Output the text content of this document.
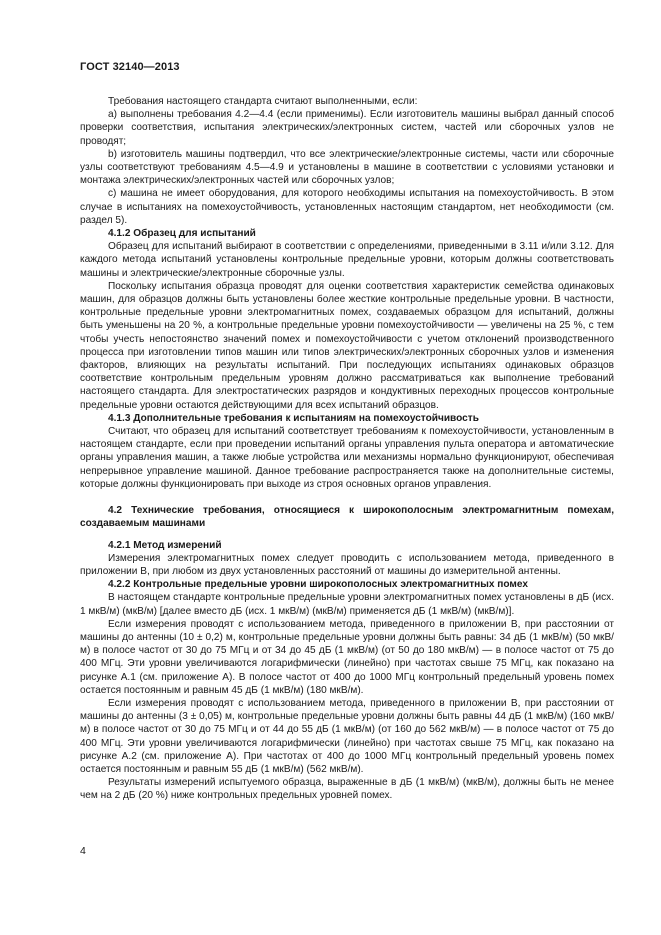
ГОСТ 32140—2013

Требования настоящего стандарта считают выполненными, если:

a) выполнены требования 4.2—4.4 (если применимы). Если изготовитель машины выбрал данный способ проверки соответствия, испытания электрических/электронных систем, частей или сборочных узлов не проводят;

b) изготовитель машины подтвердил, что все электрические/электронные системы, части или сборочные узлы соответствуют требованиям 4.5—4.9 и установлены в машине в соответствии с условиями установки и монтажа электрических/электронных частей или сборочных узлов;

c) машина не имеет оборудования, для которого необходимы испытания на помехоустойчивость. В этом случае в испытаниях на помехоустойчивость, установленных настоящим стандартом, нет необходимости (см. раздел 5).

4.1.2 Образец для испытаний

Образец для испытаний выбирают в соответствии с определениями, приведенными в 3.11 и/или 3.12. Для каждого метода испытаний установлены контрольные предельные уровни, которым должны соответствовать машины и электрические/электронные сборочные узлы.

Поскольку испытания образца проводят для оценки соответствия характеристик семейства одинаковых машин, для образцов должны быть установлены более жесткие контрольные предельные уровни. В частности, контрольные предельные уровни электромагнитных помех, создаваемых образцом для испытаний, должны быть уменьшены на 20 %, а контрольные предельные уровни помехоустойчивости — увеличены на 25 %, с тем чтобы учесть непостоянство значений помех и помехоустойчивости с учетом отклонений производственного процесса при изготовлении типов машин или типов электрических/электронных сборочных узлов и изменения факторов, влияющих на результаты испытаний. При последующих испытаниях одинаковых образцов соответствие контрольным предельным уровням должно рассматриваться как выполнение требований настоящего стандарта. Для электростатических разрядов и кондуктивных переходных процессов контрольные предельные уровни остаются действующими для всех испытаний образцов.

4.1.3 Дополнительные требования к испытаниям на помехоустойчивость

Считают, что образец для испытаний соответствует требованиям к помехоустойчивости, установленным в настоящем стандарте, если при проведении испытаний органы управления пульта оператора и автоматические органы управления машин, а также любые устройства или механизмы нормально функционируют, обеспечивая непрерывное управление машиной. Данное требование распространяется также на дополнительные системы, которые должны функционировать при выходе из строя основных органов управления.

4.2 Технические требования, относящиеся к широкополосным электромагнитным помехам, создаваемым машинами
4.2.1 Метод измерений

Измерения электромагнитных помех следует проводить с использованием метода, приведенного в приложении В, при любом из двух установленных расстояний от машины до измерительной антенны.

4.2.2 Контрольные предельные уровни широкополосных электромагнитных помех

В настоящем стандарте контрольные предельные уровни электромагнитных помех установлены в дБ (исх. 1 мкВ/м) (мкВ/м) [далее вместо дБ (исх. 1 мкВ/м) (мкВ/м) применяется дБ (1 мкВ/м) (мкВ/м)].

Если измерения проводят с использованием метода, приведенного в приложении В, при расстоянии от машины до антенны (10 ± 0,2) м, контрольные предельные уровни должны быть равны: 34 дБ (1 мкВ/м) (50 мкВ/м) в полосе частот от 30 до 75 МГц и от 34 до 45 дБ (1 мкВ/м) (от 50 до 180 мкВ/м) — в полосе частот от 75 до 400 МГц. Эти уровни увеличиваются логарифмически (линейно) при частотах свыше 75 МГц, как показано на рисунке А.1 (см. приложение А). В полосе частот от 400 до 1000 МГц контрольный предельный уровень помех остается постоянным и равным 45 дБ (1 мкВ/м) (180 мкВ/м).

Если измерения проводят с использованием метода, приведенного в приложении В, при расстоянии от машины до антенны (3 ± 0,05) м, контрольные предельные уровни должны быть равны 44 дБ (1 мкВ/м) (160 мкВ/м) в полосе частот от 30 до 75 МГц и от 44 до 55 дБ (1 мкВ/м) (от 160 до 562 мкВ/м) — в полосе частот от 75 до 400 МГц. Эти уровни увеличиваются логарифмически (линейно) при частотах свыше 75 МГц, как показано на рисунке А.2 (см. приложение А). При частотах от 400 до 1000 МГц контрольный предельный уровень помех остается постоянным и равным 55 дБ (1 мкВ/м) (562 мкВ/м).

Результаты измерений испытуемого образца, выраженные в дБ (1 мкВ/м) (мкВ/м), должны быть не менее чем на 2 дБ (20 %) ниже контрольных предельных уровней помех.

4
